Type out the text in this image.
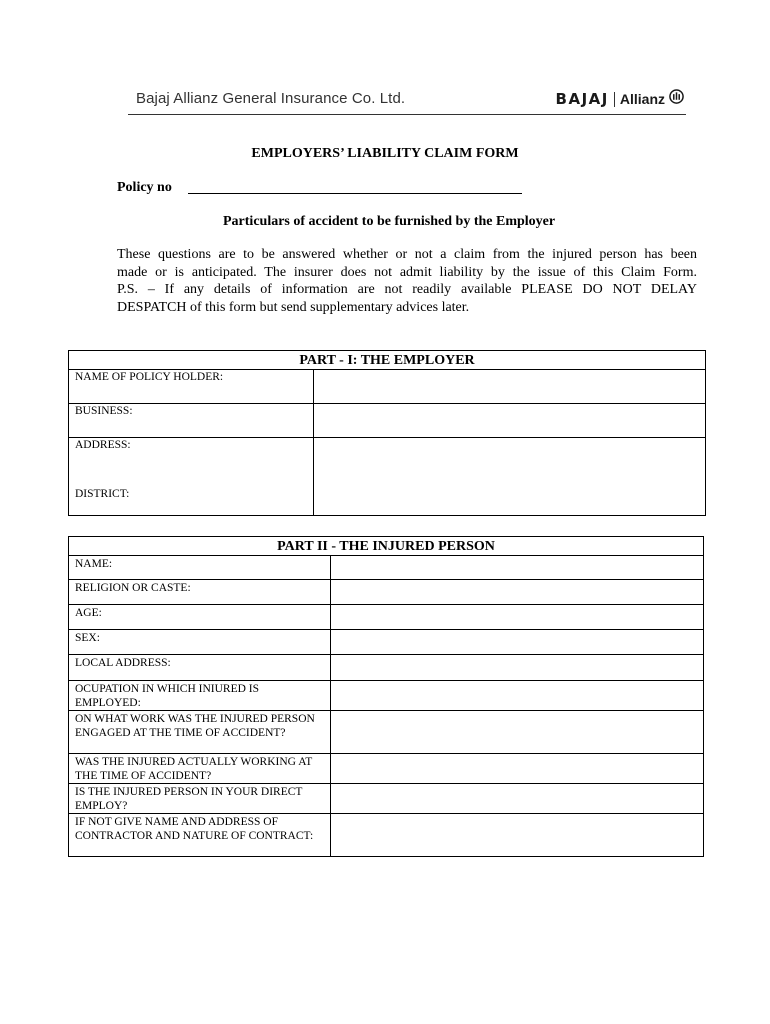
Bajaj Allianz General Insurance Co. Ltd.	BAJAJ Allianz
EMPLOYERS’ LIABILITY CLAIM FORM
Policy no
Particulars of accident to be furnished by the Employer
These questions are to be answered whether or not a claim from the injured person has been
made or is anticipated. The insurer does not admit liability by the issue of this Claim Form.
P.S. – If any details of information are not readily available PLEASE DO NOT DELAY
DESPATCH of this form but send supplementary advices later.
PART - I: THE EMPLOYER	
NAME OF POLICY HOLDER:	
BUSINESS:	
ADDRESS:
DISTRICT:	

PART II - THE INJURED PERSON	
NAME:	
RELIGION OR CASTE:	
AGE:	
SEX:	
LOCAL ADDRESS:	
OCUPATION IN WHICH INIURED IS EMPLOYED:	
ON WHAT WORK WAS THE INJURED PERSON ENGAGED AT THE TIME OF ACCIDENT?	
WAS THE INJURED ACTUALLY WORKING AT THE TIME OF ACCIDENT?	
IS THE INJURED PERSON IN YOUR DIRECT EMPLOY?	
IF NOT GIVE NAME AND ADDRESS OF CONTRACTOR AND NATURE OF CONTRACT:	
